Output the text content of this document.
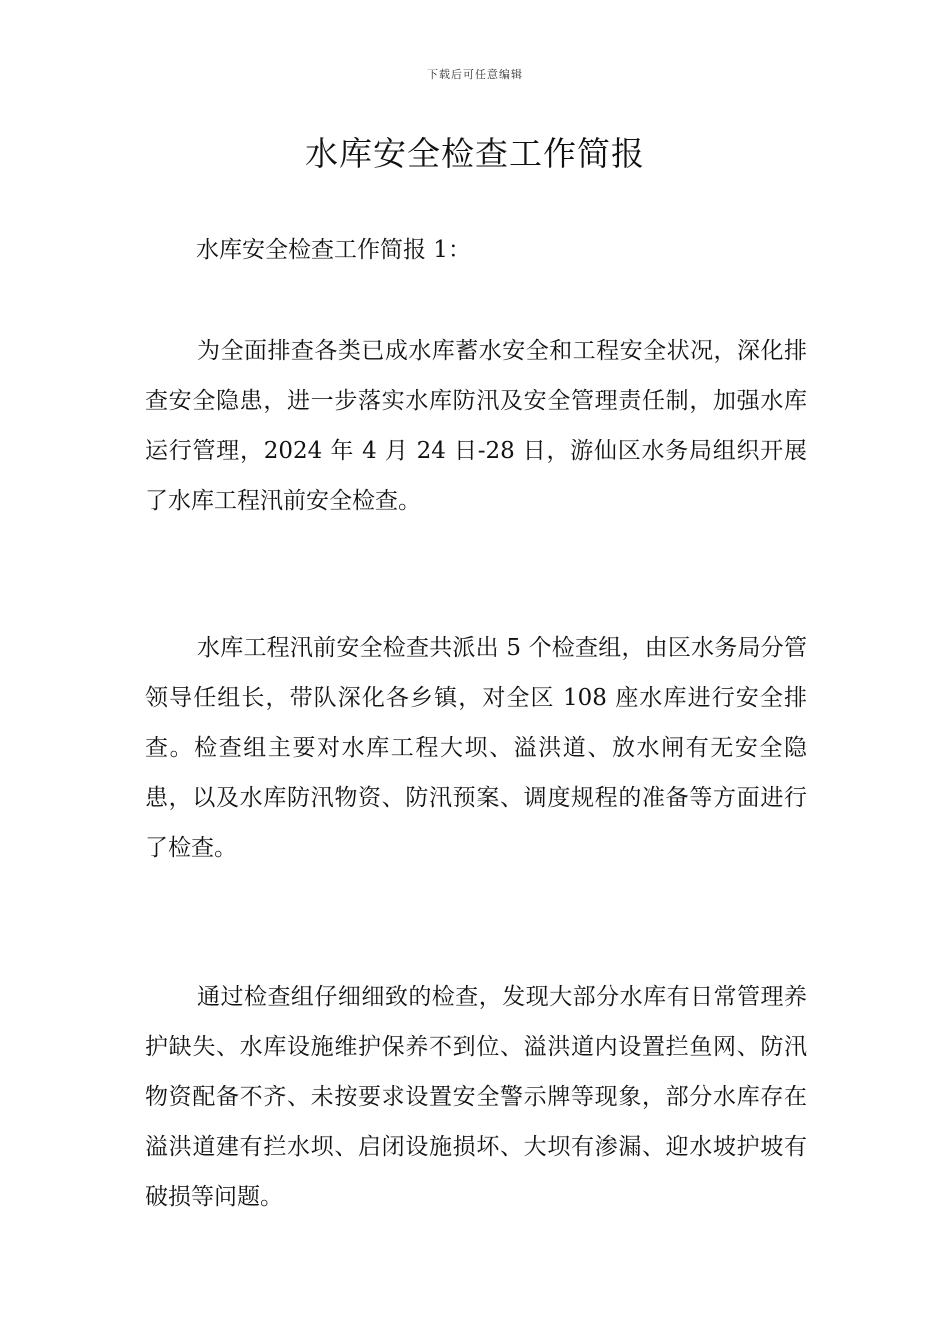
下载后可任意编辑
水库安全检查工作简报
水库安全检查工作简报 1：

为全面排查各类已成水库蓄水安全和工程安全状况，深化排查安全隐患，进一步落实水库防汛及安全管理责任制，加强水库运行管理，2024 年 4 月 24 日-28 日，游仙区水务局组织开展了水库工程汛前安全检查。

水库工程汛前安全检查共派出 5 个检查组，由区水务局分管领导任组长，带队深化各乡镇，对全区 108 座水库进行安全排查。检查组主要对水库工程大坝、溢洪道、放水闸有无安全隐患，以及水库防汛物资、防汛预案、调度规程的准备等方面进行了检查。

通过检查组仔细细致的检查，发现大部分水库有日常管理养护缺失、水库设施维护保养不到位、溢洪道内设置拦鱼网、防汛物资配备不齐、未按要求设置安全警示牌等现象，部分水库存在溢洪道建有拦水坝、启闭设施损坏、大坝有渗漏、迎水坡护坡有破损等问题。
